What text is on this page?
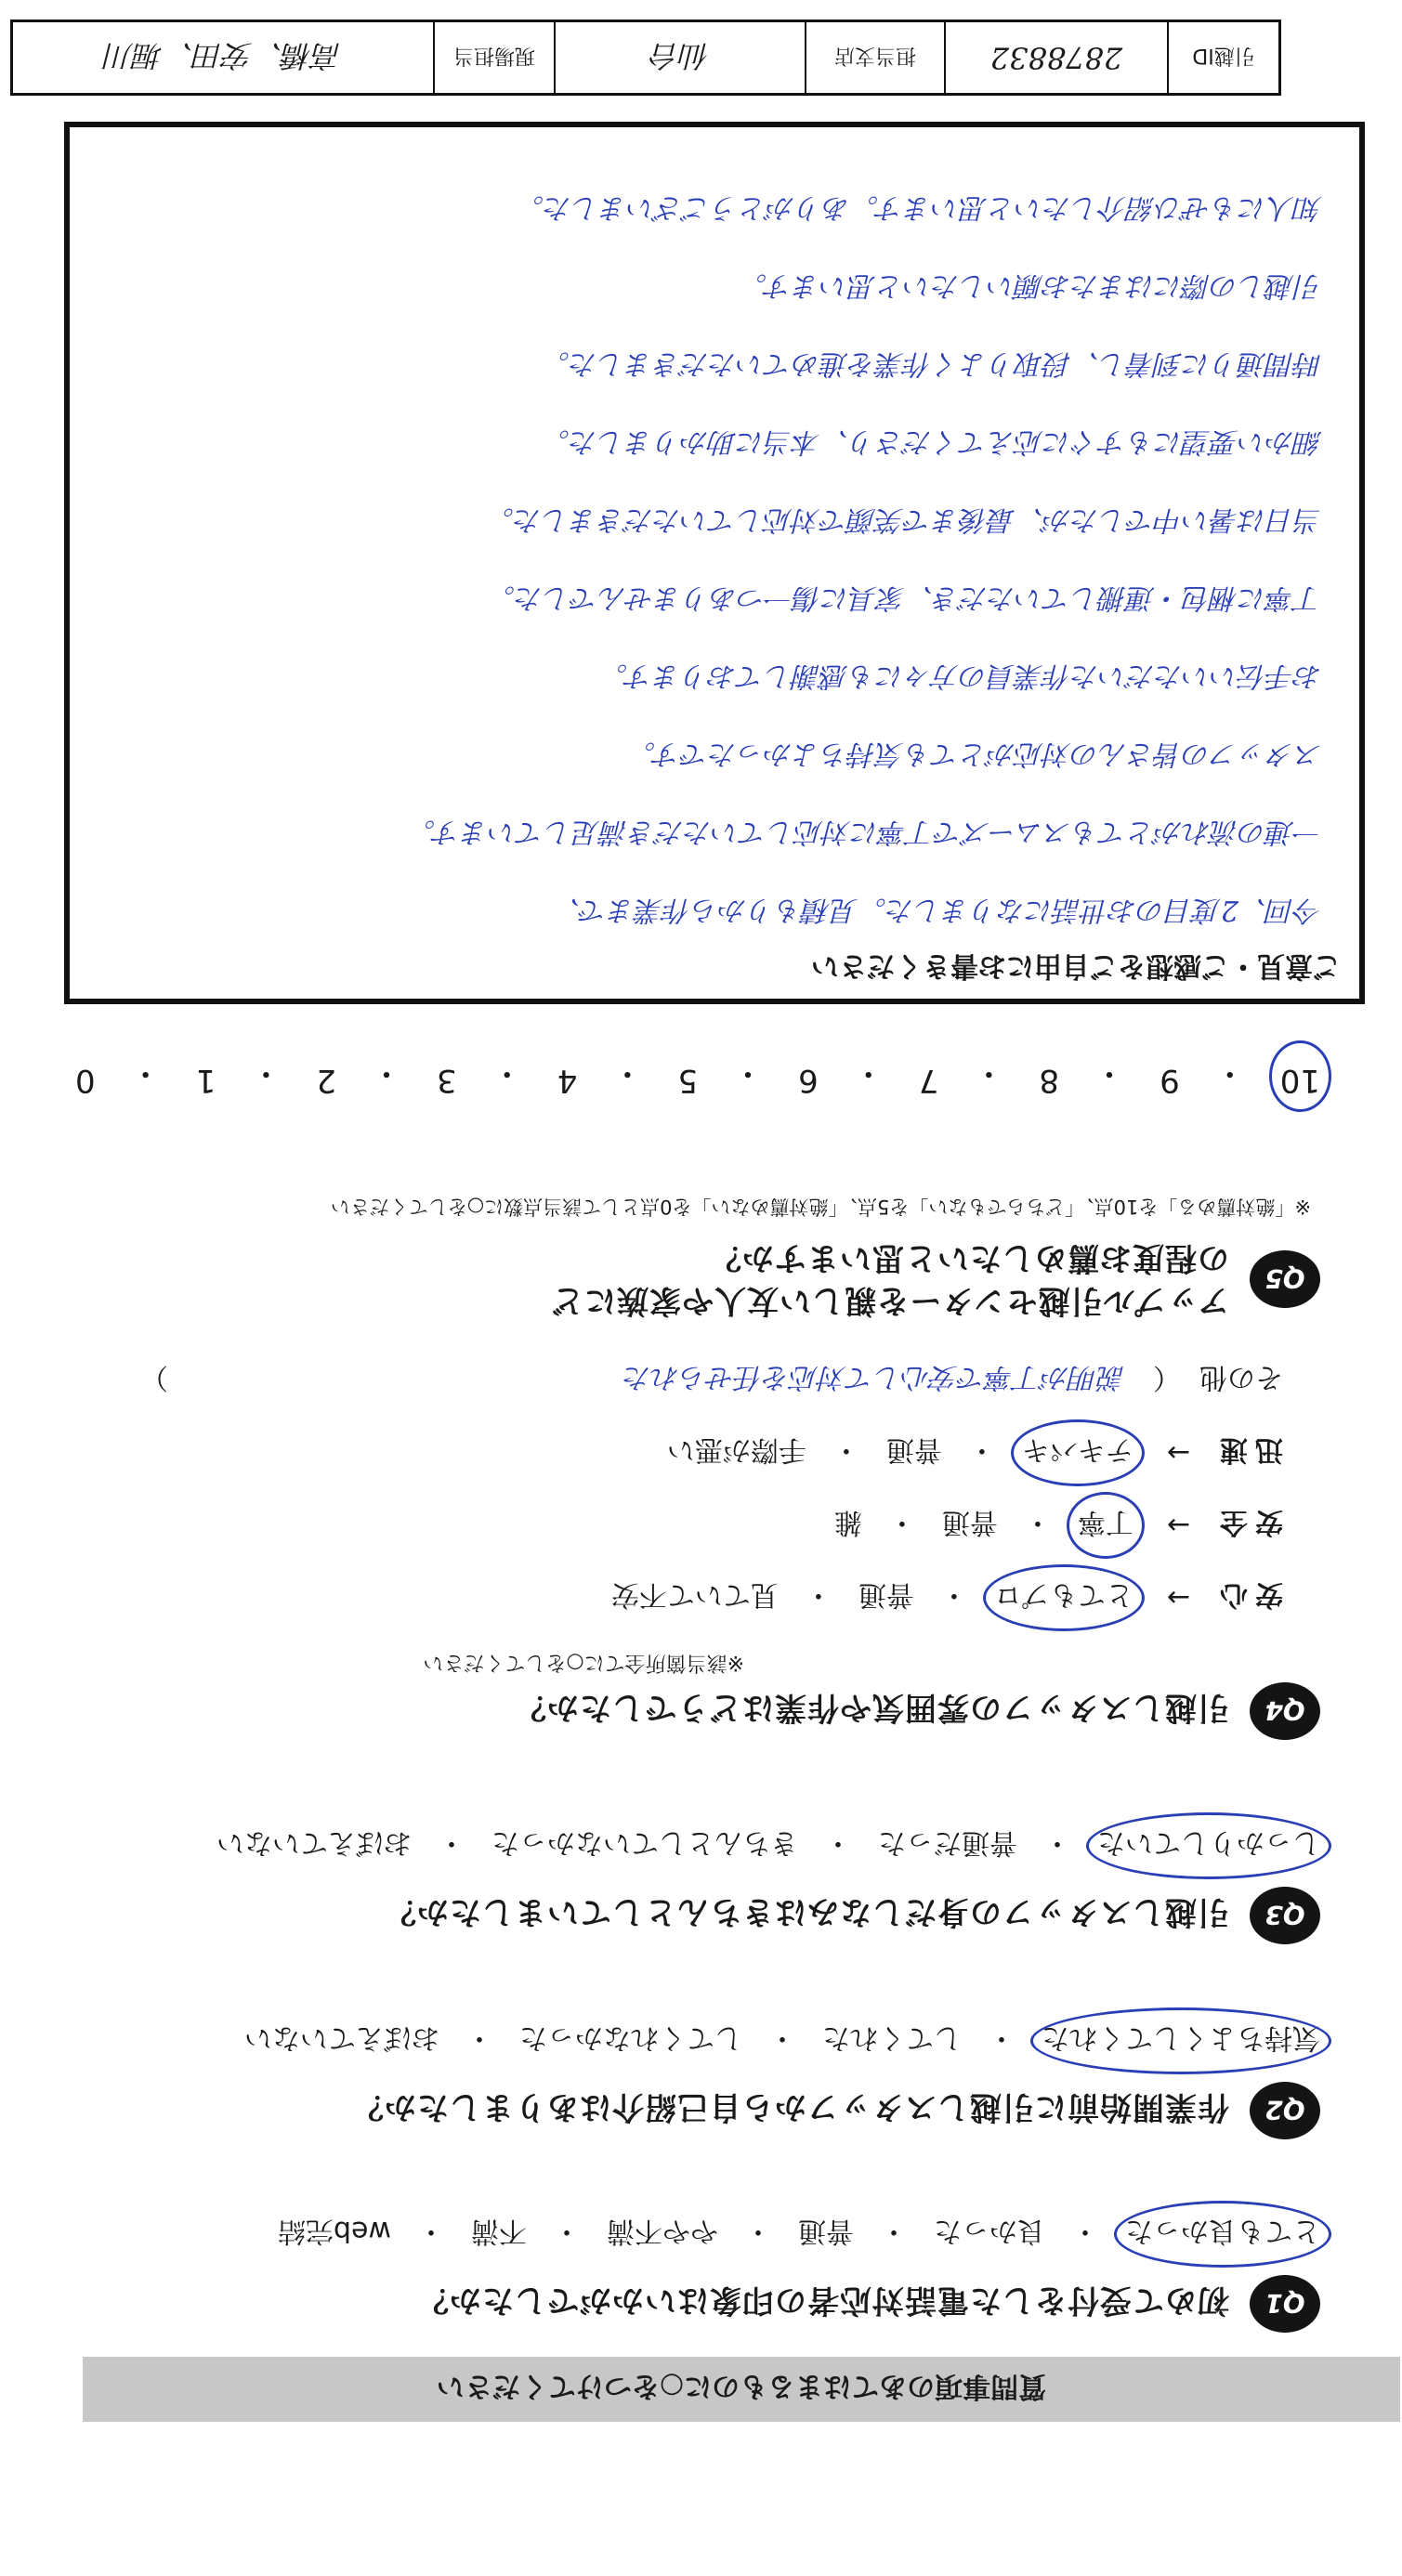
質問事項のあてはまるものに○をつけてください
Q1
初めて受付をした電話対応者の印象はいかがでしたか？
とても良かった
・
良かった
・
普通
・
やや不満
・
不満
・
web完結
Q2
作業開始前に引越しスタッフから自己紹介はありましたか？
気持ちよくしてくれた
・
してくれた
・
してくれなかった
・
おぼえていない
Q3
引越しスタッフの身だしなみはきちんとしていましたか？
しっかりしていた
・
普通だった
・
きちんとしていなかった
・
おぼえていない
Q4
引越しスタッフの雰囲気や作業はどうでしたか？
※該当箇所全てに○をしてください
安心
→
とてもプロ
・
普通
・
見ていて不安
安全
→
丁寧
・
普通
・
雑
迅速
→
テキパキ
・
普通
・
手際が悪い
その他
（
説明が丁寧で安心して対応を任せられた
）
Q5
アップル引越センターを親しい友人や家族にどの程度お薦めしたいと思いますか？
※「絶対薦める」を10点、「どちらでもない」を5点、「絶対薦めない」を0点として該当点数に○をしてください
10
・
9
・
8
・
7
・
6
・
5
・
4
・
3
・
2
・
1
・
0
ご意見・ご感想をご自由にお書きください
今回、2度目のお世話になりました。見積もりから作業まで、
一連の流れがとてもスムーズで丁寧に対応していただき満足しています。
スタッフの皆さんの対応がとても気持ちよかったです。
お手伝いいただいた作業員の方々にも感謝しております。
丁寧に梱包・運搬していただき、家具に傷一つありませんでした。
当日は暑い中でしたが、最後まで笑顔で対応していただきました。
細かい要望にもすぐに応えてくださり、本当に助かりました。
時間通りに到着し、段取りよく作業を進めていただきました。
引越しの際にはまたお願いしたいと思います。
知人にもぜひ紹介したいと思います。ありがとうございました。
引越ID
2878832
担当支店
仙台
現場担当
高橋、安田、堀川
